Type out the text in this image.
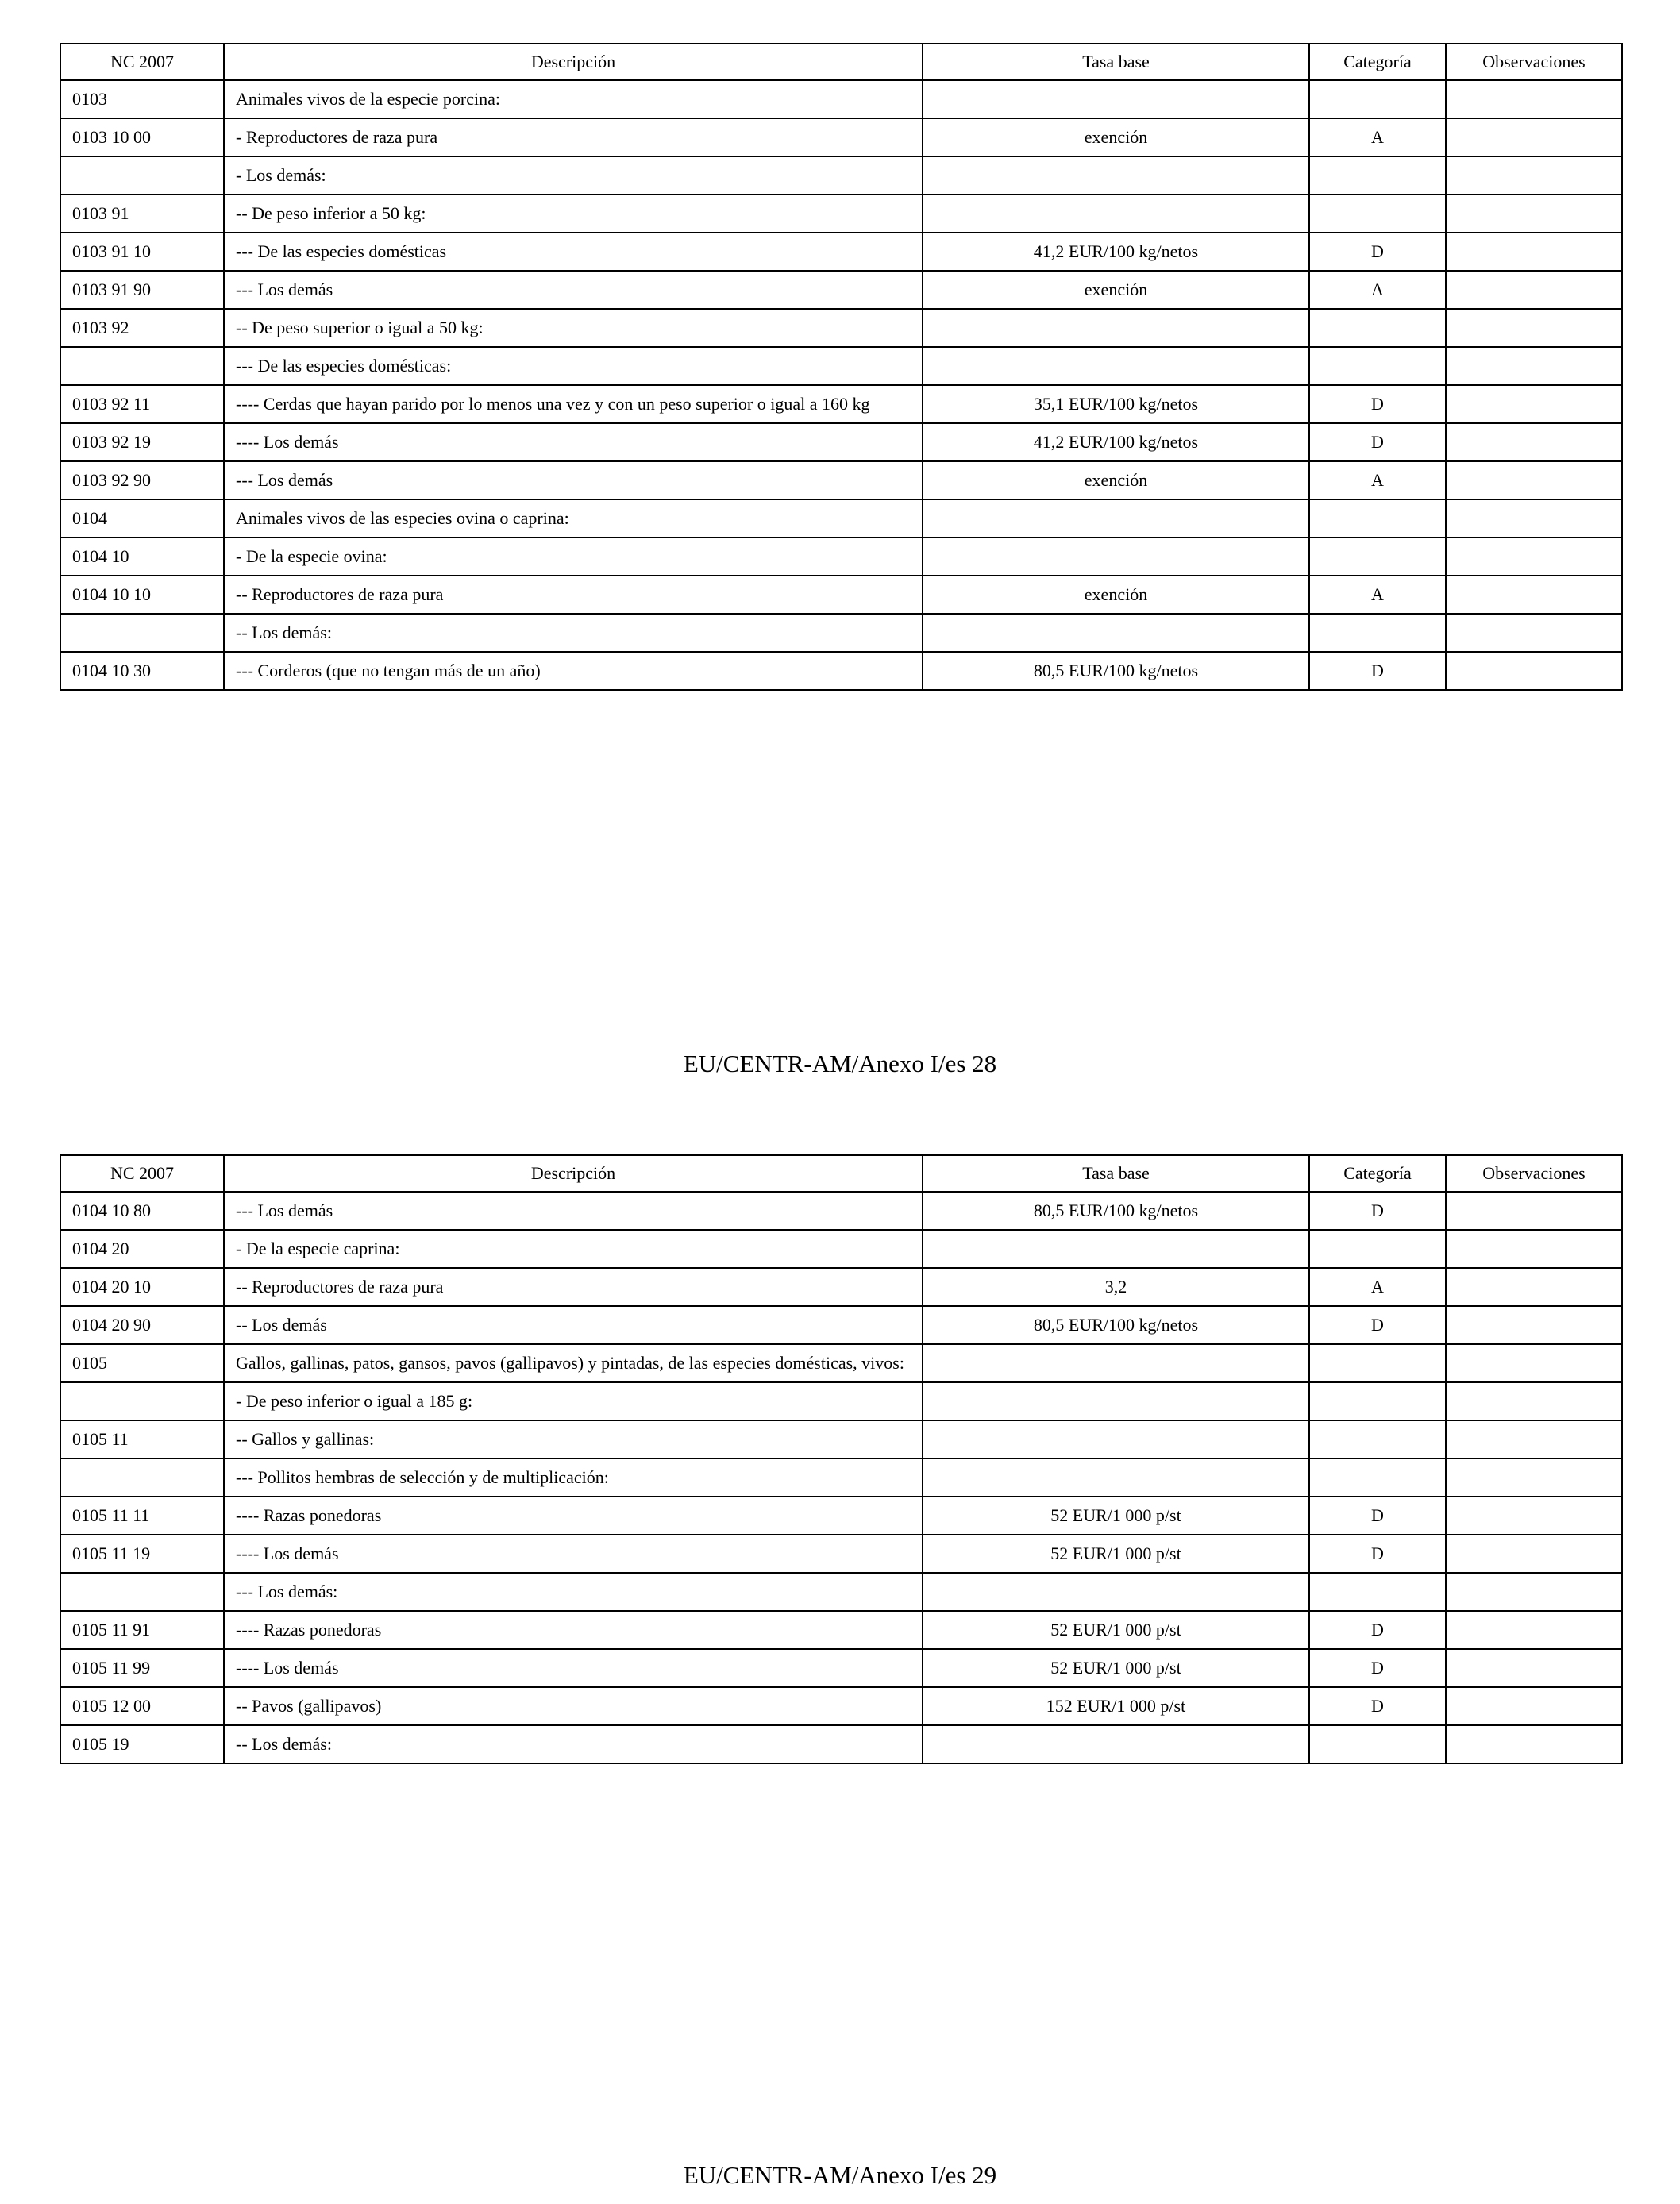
NC 2007	Descripción	Tasa base	Categoría	Observaciones
0103	Animales vivos de la especie porcina:			
0103 10 00	- Reproductores de raza pura	exención	A	
	- Los demás:			
0103 91	-- De peso inferior a 50 kg:			
0103 91 10	--- De las especies domésticas	41,2 EUR/100 kg/netos	D	
0103 91 90	--- Los demás	exención	A	
0103 92	-- De peso superior o igual a 50 kg:			
	--- De las especies domésticas:			
0103 92 11	---- Cerdas que hayan parido por lo menos una vez y con un peso superior o igual a 160 kg	35,1 EUR/100 kg/netos	D	
0103 92 19	---- Los demás	41,2 EUR/100 kg/netos	D	
0103 92 90	--- Los demás	exención	A	
0104	Animales vivos de las especies ovina o caprina:			
0104 10	- De la especie ovina:			
0104 10 10	-- Reproductores de raza pura	exención	A	
	-- Los demás:			
0104 10 30	--- Corderos (que no tengan más de un año)	80,5 EUR/100 kg/netos	D	
EU/CENTR-AM/Anexo I/es 28
NC 2007	Descripción	Tasa base	Categoría	Observaciones
0104 10 80	--- Los demás	80,5 EUR/100 kg/netos	D	
0104 20	- De la especie caprina:			
0104 20 10	-- Reproductores de raza pura	3,2	A	
0104 20 90	-- Los demás	80,5 EUR/100 kg/netos	D	
0105	Gallos, gallinas, patos, gansos, pavos (gallipavos) y pintadas, de las especies domésticas, vivos:			
	- De peso inferior o igual a 185 g:			
0105 11	-- Gallos y gallinas:			
	--- Pollitos hembras de selección y de multiplicación:			
0105 11 11	---- Razas ponedoras	52 EUR/1 000 p/st	D	
0105 11 19	---- Los demás	52 EUR/1 000 p/st	D	
	--- Los demás:			
0105 11 91	---- Razas ponedoras	52 EUR/1 000 p/st	D	
0105 11 99	---- Los demás	52 EUR/1 000 p/st	D	
0105 12 00	-- Pavos (gallipavos)	152 EUR/1 000 p/st	D	
0105 19	-- Los demás:			
EU/CENTR-AM/Anexo I/es 29
